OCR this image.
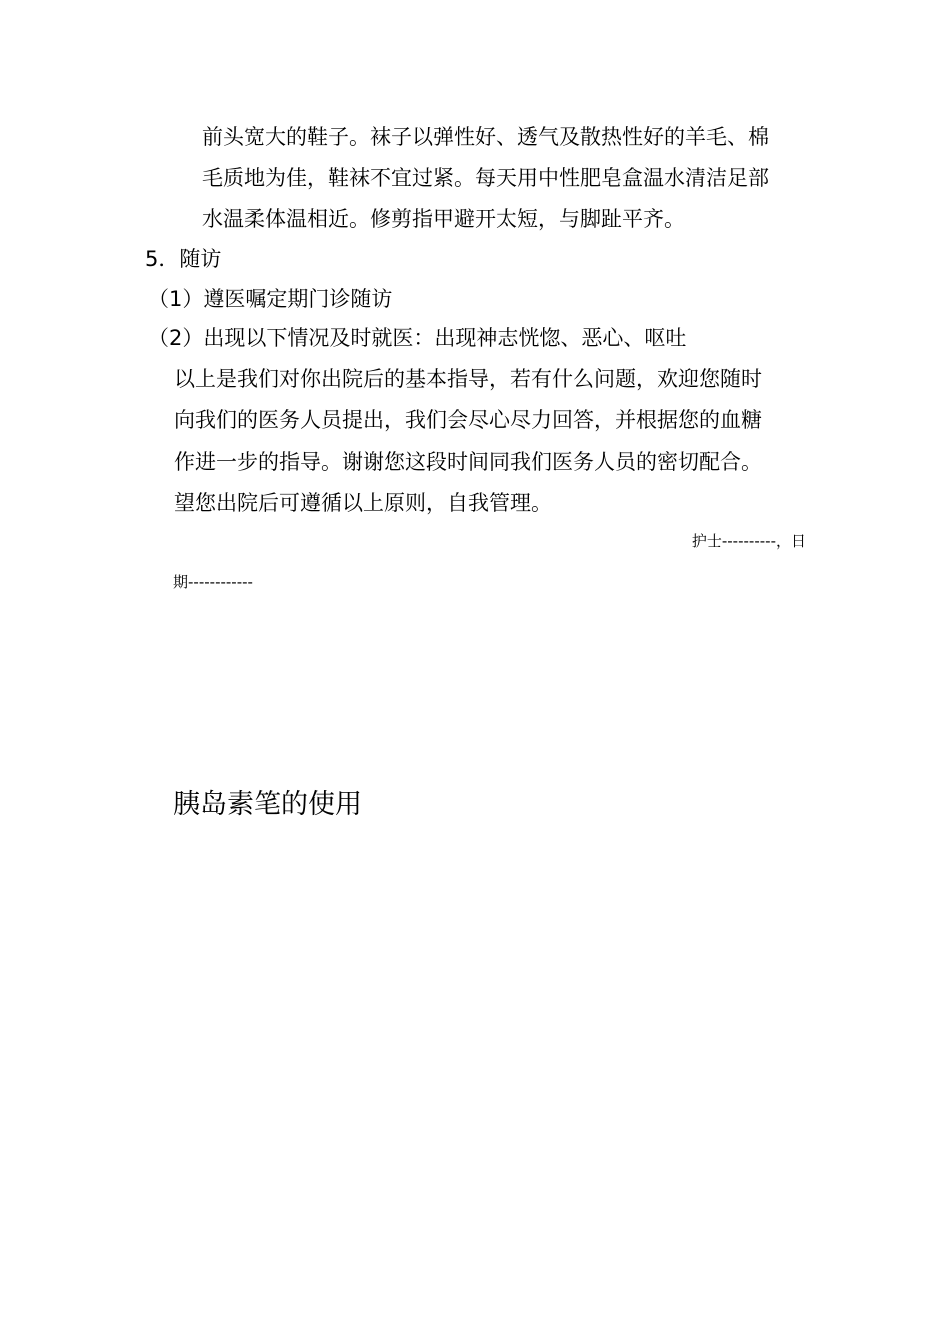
前头宽大的鞋子。袜子以弹性好、透气及散热性好的羊毛、棉
毛质地为佳，鞋袜不宜过紧。每天用中性肥皂盒温水清洁足部
水温柔体温相近。修剪指甲避开太短，与脚趾平齐。
5．随访
（1）遵医嘱定期门诊随访
（2）出现以下情况及时就医：出现神志恍惚、恶心、呕吐
以上是我们对你出院后的基本指导，若有什么问题，欢迎您随时
向我们的医务人员提出，我们会尽心尽力回答，并根据您的血糖
作进一步的指导。谢谢您这段时间同我们医务人员的密切配合。
望您出院后可遵循以上原则，自我管理。
护士----------，日
期------------
胰岛素笔的使用
